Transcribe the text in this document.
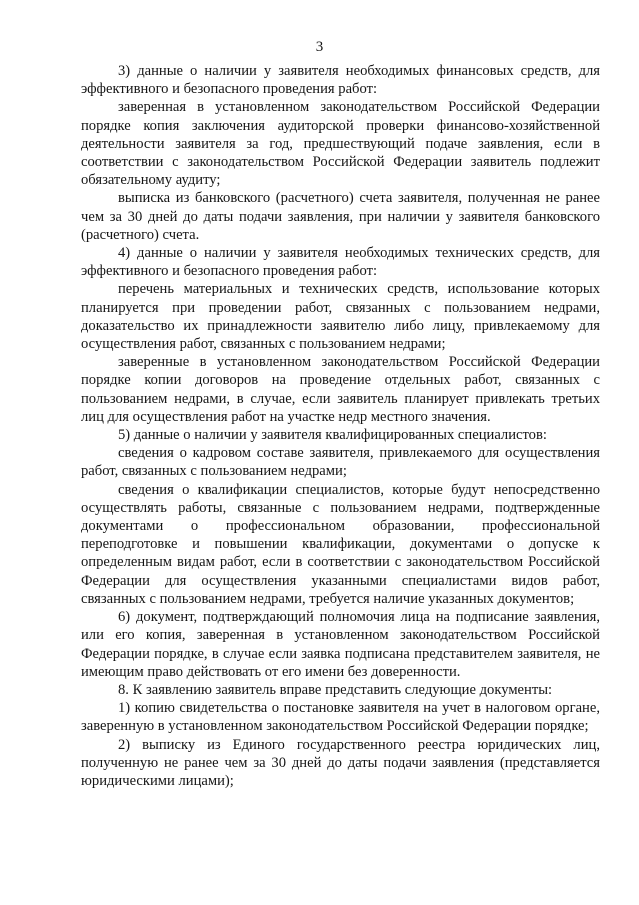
3

3) данные о наличии у заявителя необходимых финансовых средств, для эффективного и безопасного проведения работ:

заверенная в установленном законодательством Российской Федерации порядке копия заключения аудиторской проверки финансово-хозяйственной деятельности заявителя за год, предшествующий подаче заявления, если в соответствии с законодательством Российской Федерации заявитель подлежит обязательному аудиту;

выписка из банковского (расчетного) счета заявителя, полученная не ранее чем за 30 дней до даты подачи заявления, при наличии у заявителя банковского (расчетного) счета.

4) данные о наличии у заявителя необходимых технических средств, для эффективного и безопасного проведения работ:

перечень материальных и технических средств, использование которых планируется при проведении работ, связанных с пользованием недрами, доказательство их принадлежности заявителю либо лицу, привлекаемому для осуществления работ, связанных с пользованием недрами;

заверенные в установленном законодательством Российской Федерации порядке копии договоров на проведение отдельных работ, связанных с пользованием недрами, в случае, если заявитель планирует привлекать третьих лиц для осуществления работ на участке недр местного значения.

5) данные о наличии у заявителя квалифицированных специалистов:

сведения о кадровом составе заявителя, привлекаемого для осуществления работ, связанных с пользованием недрами;

сведения о квалификации специалистов, которые будут непосредственно осуществлять работы, связанные с пользованием недрами, подтвержденные документами о профессиональном образовании, профессиональной переподготовке и повышении квалификации, документами о допуске к определенным видам работ, если в соответствии с законодательством Российской Федерации для осуществления указанными специалистами видов работ, связанных с пользованием недрами, требуется наличие указанных документов;

6) документ, подтверждающий полномочия лица на подписание заявления, или его копия, заверенная в установленном законодательством Российской Федерации порядке, в случае если заявка подписана представителем заявителя, не имеющим право действовать от его имени без доверенности.

8. К заявлению заявитель вправе представить следующие документы:

1) копию свидетельства о постановке заявителя на учет в налоговом органе, заверенную в установленном законодательством Российской Федерации порядке;

2) выписку из Единого государственного реестра юридических лиц, полученную не ранее чем за 30 дней до даты подачи заявления (представляется юридическими лицами);
